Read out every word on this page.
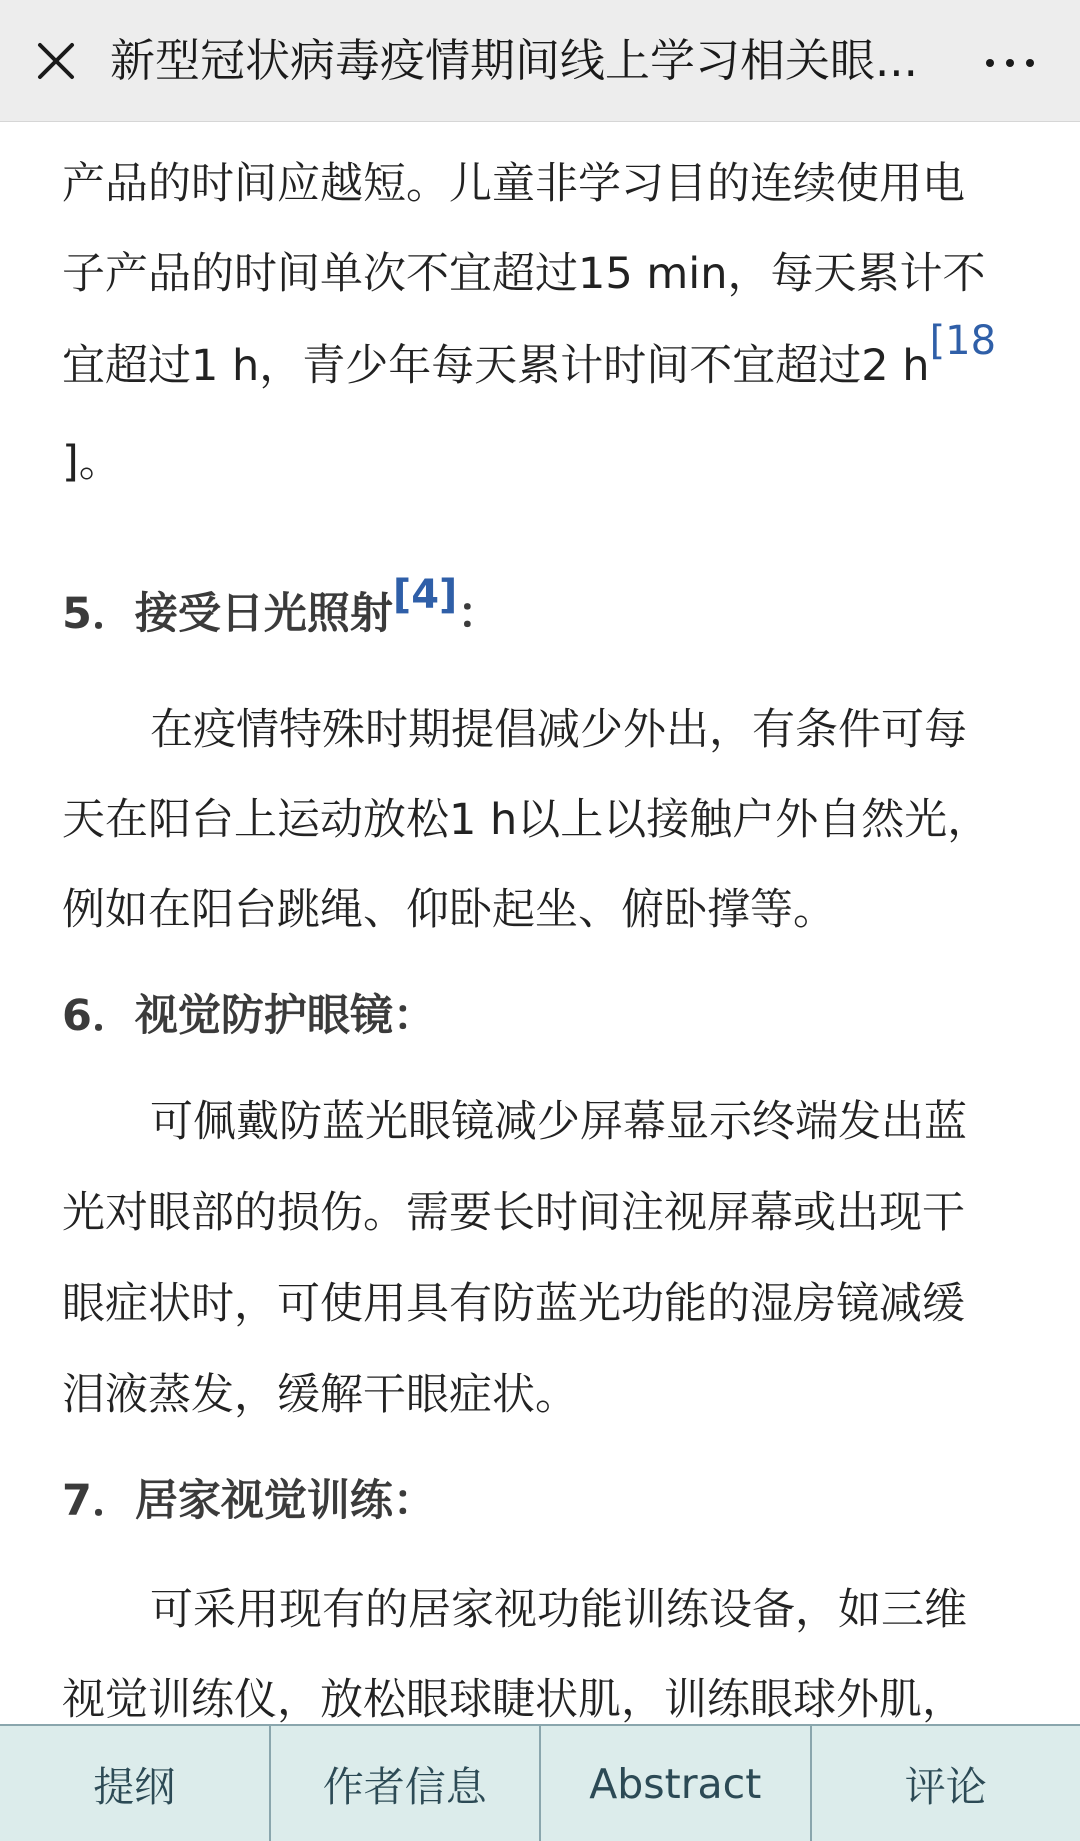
新型冠状病毒疫情期间线上学习相关眼...
产品的时间应越短。儿童非学习目的连续使用电
子产品的时间单次不宜超过15 min，每天累计不
宜超过1 h，青少年每天累计时间不宜超过2 h[18
]。
5．接受日光照射[4]：
在疫情特殊时期提倡减少外出，有条件可每
天在阳台上运动放松1 h以上以接触户外自然光，
例如在阳台跳绳、仰卧起坐、俯卧撑等。
6．视觉防护眼镜：
可佩戴防蓝光眼镜减少屏幕显示终端发出蓝
光对眼部的损伤。需要长时间注视屏幕或出现干
眼症状时，可使用具有防蓝光功能的湿房镜减缓
泪液蒸发，缓解干眼症状。
7．居家视觉训练：
可采用现有的居家视功能训练设备，如三维
视觉训练仪，放松眼球睫状肌，训练眼球外肌，
提纲	作者信息	Abstract	评论
